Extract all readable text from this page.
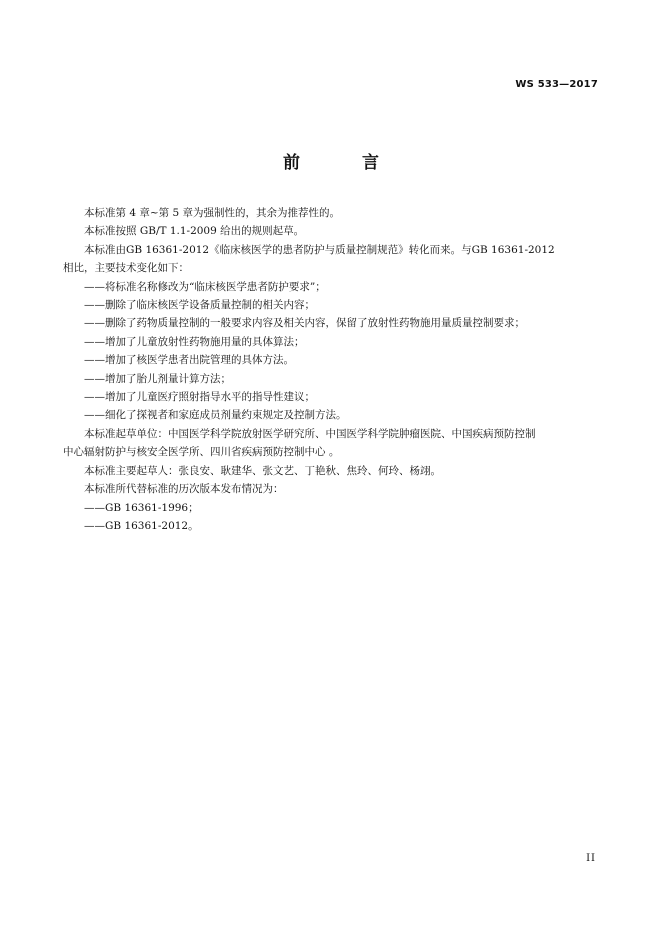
WS 533—2017
前 言
本标准第 4 章~第 5 章为强制性的，其余为推荐性的。
本标准按照 GB/T 1.1-2009 给出的规则起草。
本标准由GB 16361-2012《临床核医学的患者防护与质量控制规范》转化而来。与GB 16361-2012
相比，主要技术变化如下：
——将标准名称修改为“临床核医学患者防护要求”；
——删除了临床核医学设备质量控制的相关内容；
——删除了药物质量控制的一般要求内容及相关内容，保留了放射性药物施用量质量控制要求；
——增加了儿童放射性药物施用量的具体算法；
——增加了核医学患者出院管理的具体方法。
——增加了胎儿剂量计算方法；
——增加了儿童医疗照射指导水平的指导性建议；
——细化了探视者和家庭成员剂量约束规定及控制方法。
本标准起草单位：中国医学科学院放射医学研究所、中国医学科学院肿瘤医院、中国疾病预防控制
中心辐射防护与核安全医学所、四川省疾病预防控制中心 。
本标准主要起草人：张良安、耿建华、张文艺、丁艳秋、焦玲、何玲、杨翊。
本标准所代替标准的历次版本发布情况为：
——GB 16361-1996；
——GB 16361-2012。
II
